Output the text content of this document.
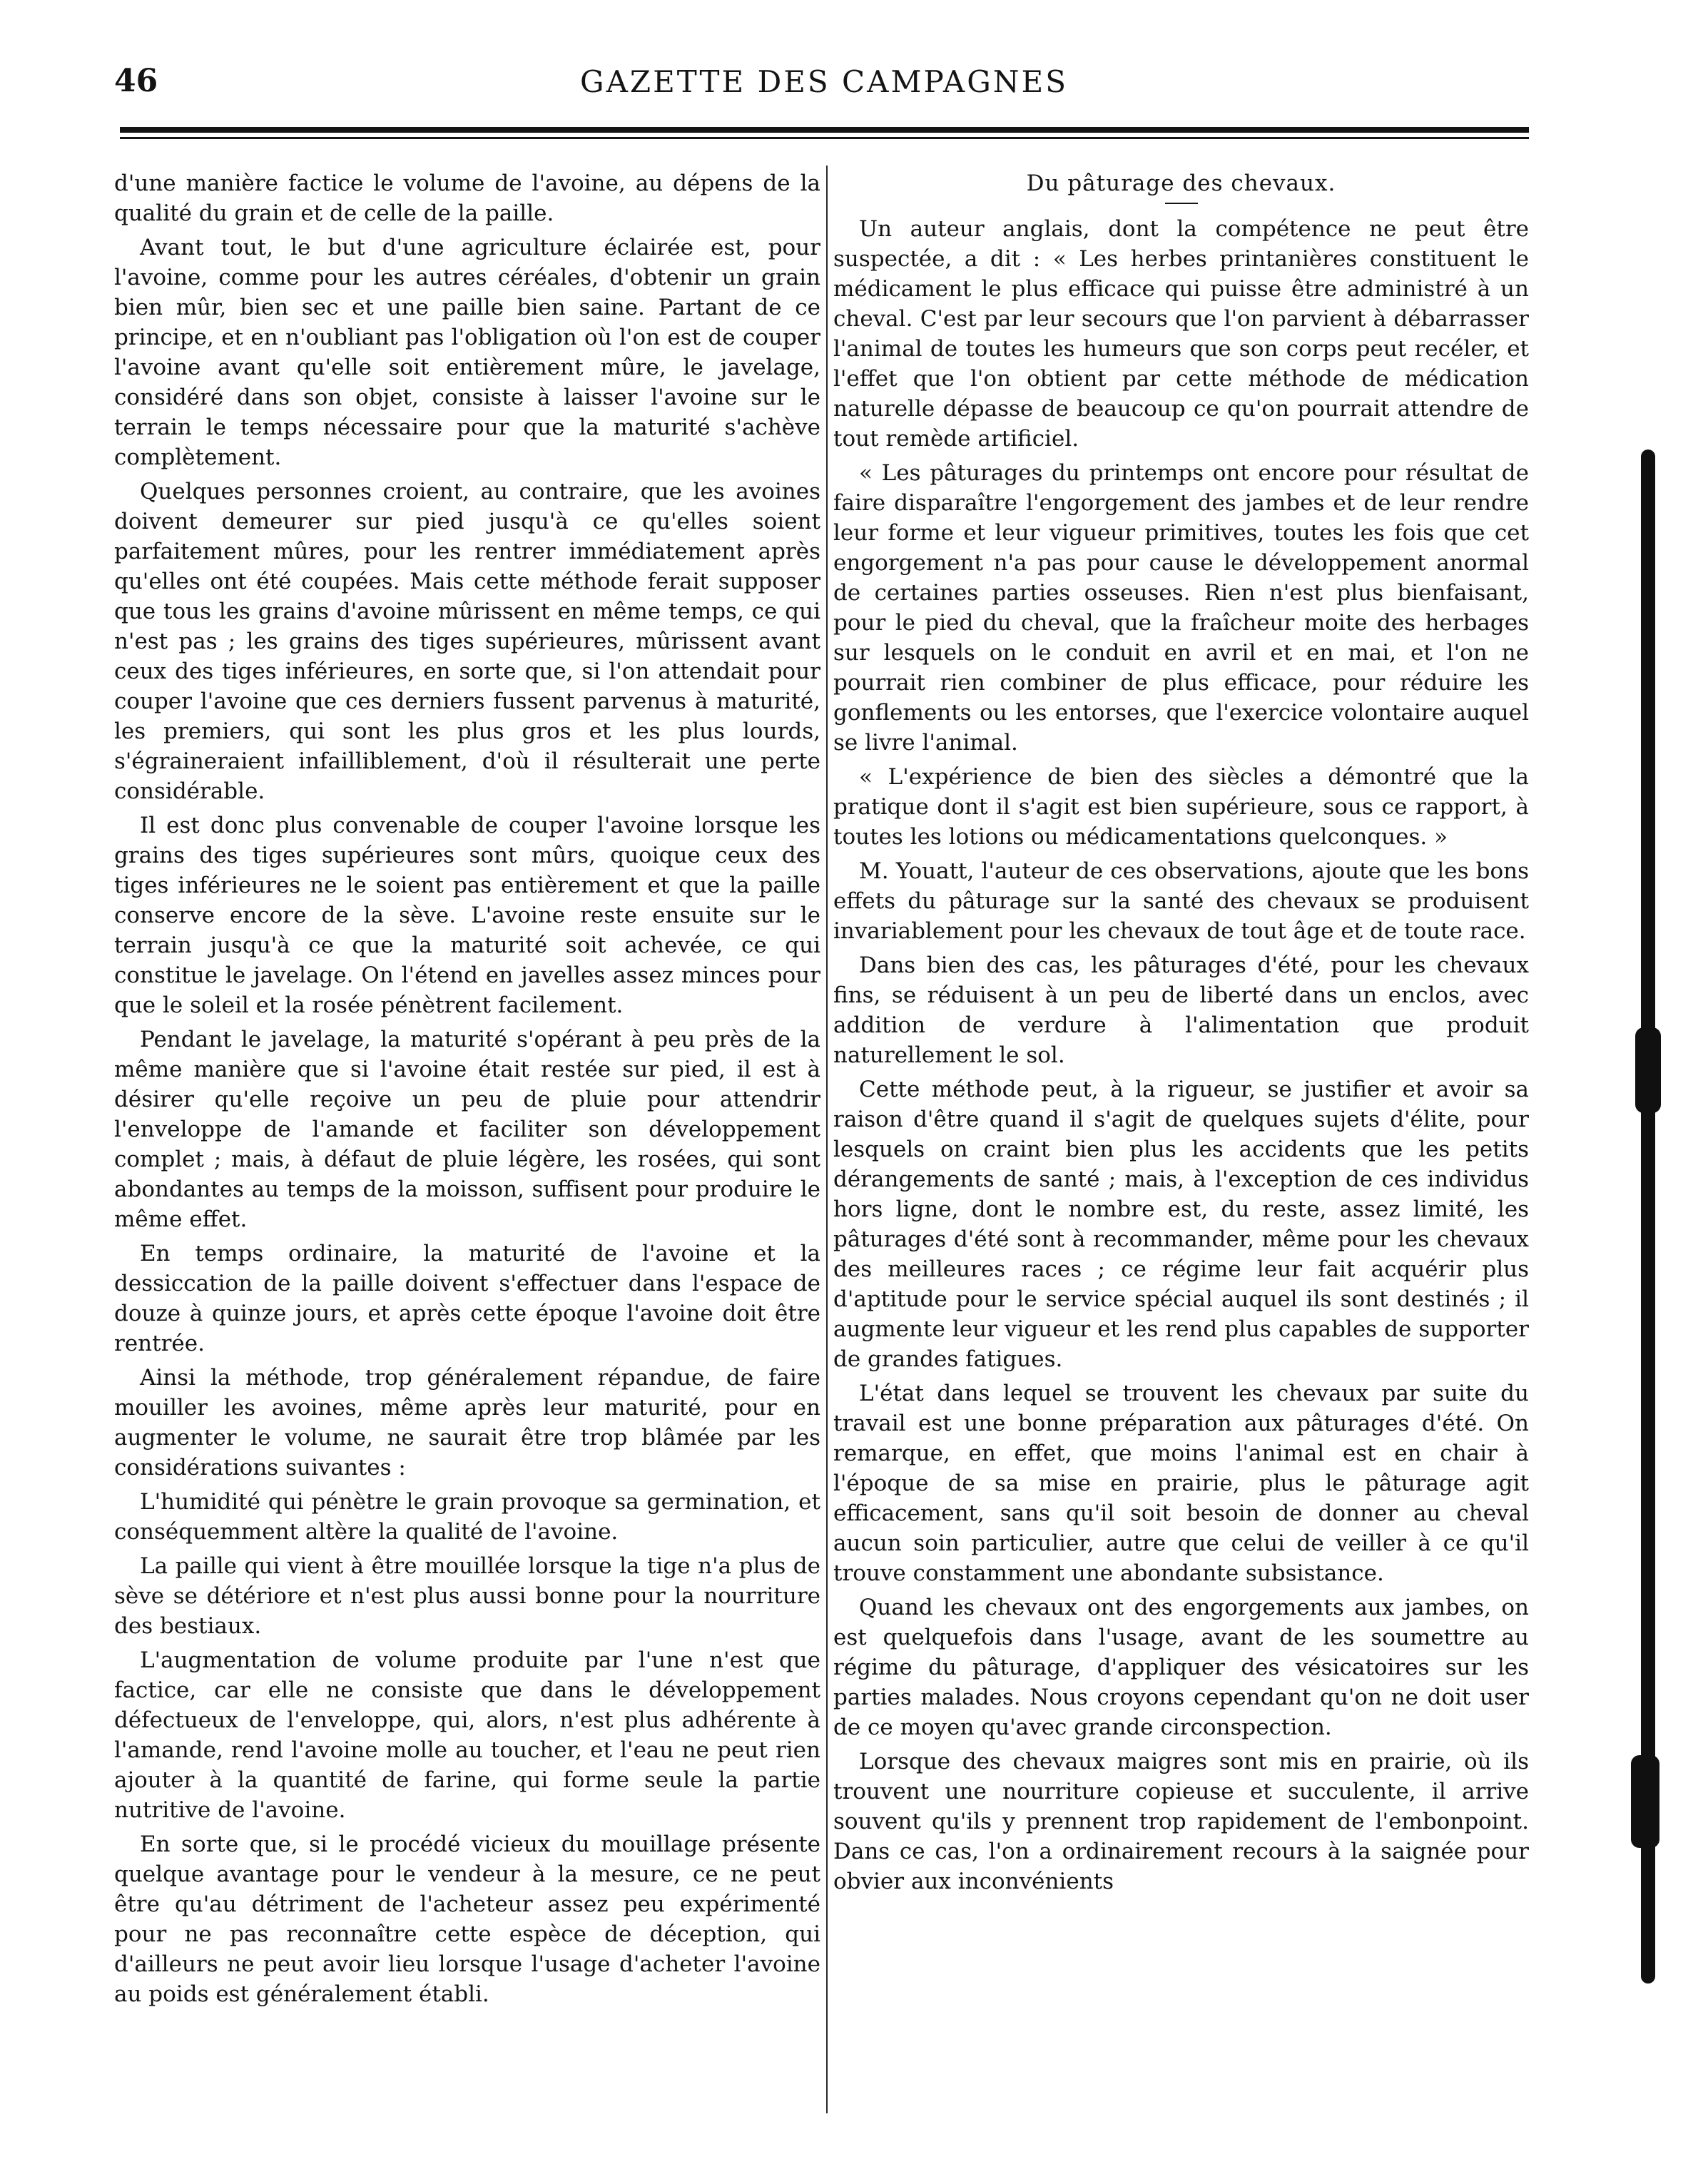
46	GAZETTE DES CAMPAGNES

d'une manière factice le volume de l'avoine, au dépens de la qualité du grain et de celle de la paille.

Avant tout, le but d'une agriculture éclairée est, pour l'avoine, comme pour les autres céréales, d'obtenir un grain bien mûr, bien sec et une paille bien saine. Partant de ce principe, et en n'oubliant pas l'obligation où l'on est de couper l'avoine avant qu'elle soit entièrement mûre, le javelage, considéré dans son objet, consiste à laisser l'avoine sur le terrain le temps nécessaire pour que la maturité s'achève complètement.

Quelques personnes croient, au contraire, que les avoines doivent demeurer sur pied jusqu'à ce qu'elles soient parfaitement mûres, pour les rentrer immédiatement après qu'elles ont été coupées. Mais cette méthode ferait supposer que tous les grains d'avoine mûrissent en même temps, ce qui n'est pas ; les grains des tiges supérieures, mûrissent avant ceux des tiges inférieures, en sorte que, si l'on attendait pour couper l'avoine que ces derniers fussent parvenus à maturité, les premiers, qui sont les plus gros et les plus lourds, s'égraineraient infailliblement, d'où il résulterait une perte considérable.

Il est donc plus convenable de couper l'avoine lorsque les grains des tiges supérieures sont mûrs, quoique ceux des tiges inférieures ne le soient pas entièrement et que la paille conserve encore de la sève. L'avoine reste ensuite sur le terrain jusqu'à ce que la maturité soit achevée, ce qui constitue le javelage. On l'étend en javelles assez minces pour que le soleil et la rosée pénètrent facilement.

Pendant le javelage, la maturité s'opérant à peu près de la même manière que si l'avoine était restée sur pied, il est à désirer qu'elle reçoive un peu de pluie pour attendrir l'enveloppe de l'amande et faciliter son développement complet ; mais, à défaut de pluie légère, les rosées, qui sont abondantes au temps de la moisson, suffisent pour produire le même effet.

En temps ordinaire, la maturité de l'avoine et la dessiccation de la paille doivent s'effectuer dans l'espace de douze à quinze jours, et après cette époque l'avoine doit être rentrée.

Ainsi la méthode, trop généralement répandue, de faire mouiller les avoines, même après leur maturité, pour en augmenter le volume, ne saurait être trop blâmée par les considérations suivantes :

L'humidité qui pénètre le grain provoque sa germination, et conséquemment altère la qualité de l'avoine.

La paille qui vient à être mouillée lorsque la tige n'a plus de sève se détériore et n'est plus aussi bonne pour la nourriture des bestiaux.

L'augmentation de volume produite par l'une n'est que factice, car elle ne consiste que dans le développement défectueux de l'enveloppe, qui, alors, n'est plus adhérente à l'amande, rend l'avoine molle au toucher, et l'eau ne peut rien ajouter à la quantité de farine, qui forme seule la partie nutritive de l'avoine.

En sorte que, si le procédé vicieux du mouillage présente quelque avantage pour le vendeur à la mesure, ce ne peut être qu'au détriment de l'acheteur assez peu expérimenté pour ne pas reconnaître cette espèce de déception, qui d'ailleurs ne peut avoir lieu lorsque l'usage d'acheter l'avoine au poids est généralement établi.

Du pâturage des chevaux.

Un auteur anglais, dont la compétence ne peut être suspectée, a dit : « Les herbes printanières constituent le médicament le plus efficace qui puisse être administré à un cheval. C'est par leur secours que l'on parvient à débarrasser l'animal de toutes les humeurs que son corps peut recéler, et l'effet que l'on obtient par cette méthode de médication naturelle dépasse de beaucoup ce qu'on pourrait attendre de tout remède artificiel.

« Les pâturages du printemps ont encore pour résultat de faire disparaître l'engorgement des jambes et de leur rendre leur forme et leur vigueur primitives, toutes les fois que cet engorgement n'a pas pour cause le développement anormal de certaines parties osseuses. Rien n'est plus bienfaisant, pour le pied du cheval, que la fraîcheur moite des herbages sur lesquels on le conduit en avril et en mai, et l'on ne pourrait rien combiner de plus efficace, pour réduire les gonflements ou les entorses, que l'exercice volontaire auquel se livre l'animal.

« L'expérience de bien des siècles a démontré que la pratique dont il s'agit est bien supérieure, sous ce rapport, à toutes les lotions ou médicamentations quelconques. »

M. Youatt, l'auteur de ces observations, ajoute que les bons effets du pâturage sur la santé des chevaux se produisent invariablement pour les chevaux de tout âge et de toute race.

Dans bien des cas, les pâturages d'été, pour les chevaux fins, se réduisent à un peu de liberté dans un enclos, avec addition de verdure à l'alimentation que produit naturellement le sol.

Cette méthode peut, à la rigueur, se justifier et avoir sa raison d'être quand il s'agit de quelques sujets d'élite, pour lesquels on craint bien plus les accidents que les petits dérangements de santé ; mais, à l'exception de ces individus hors ligne, dont le nombre est, du reste, assez limité, les pâturages d'été sont à recommander, même pour les chevaux des meilleures races ; ce régime leur fait acquérir plus d'aptitude pour le service spécial auquel ils sont destinés ; il augmente leur vigueur et les rend plus capables de supporter de grandes fatigues.

L'état dans lequel se trouvent les chevaux par suite du travail est une bonne préparation aux pâturages d'été. On remarque, en effet, que moins l'animal est en chair à l'époque de sa mise en prairie, plus le pâturage agit efficacement, sans qu'il soit besoin de donner au cheval aucun soin particulier, autre que celui de veiller à ce qu'il trouve constamment une abondante subsistance.

Quand les chevaux ont des engorgements aux jambes, on est quelquefois dans l'usage, avant de les soumettre au régime du pâturage, d'appliquer des vésicatoires sur les parties malades. Nous croyons cependant qu'on ne doit user de ce moyen qu'avec grande circonspection.

Lorsque des chevaux maigres sont mis en prairie, où ils trouvent une nourriture copieuse et succulente, il arrive souvent qu'ils y prennent trop rapidement de l'embonpoint. Dans ce cas, l'on a ordinairement recours à la saignée pour obvier aux inconvénients
